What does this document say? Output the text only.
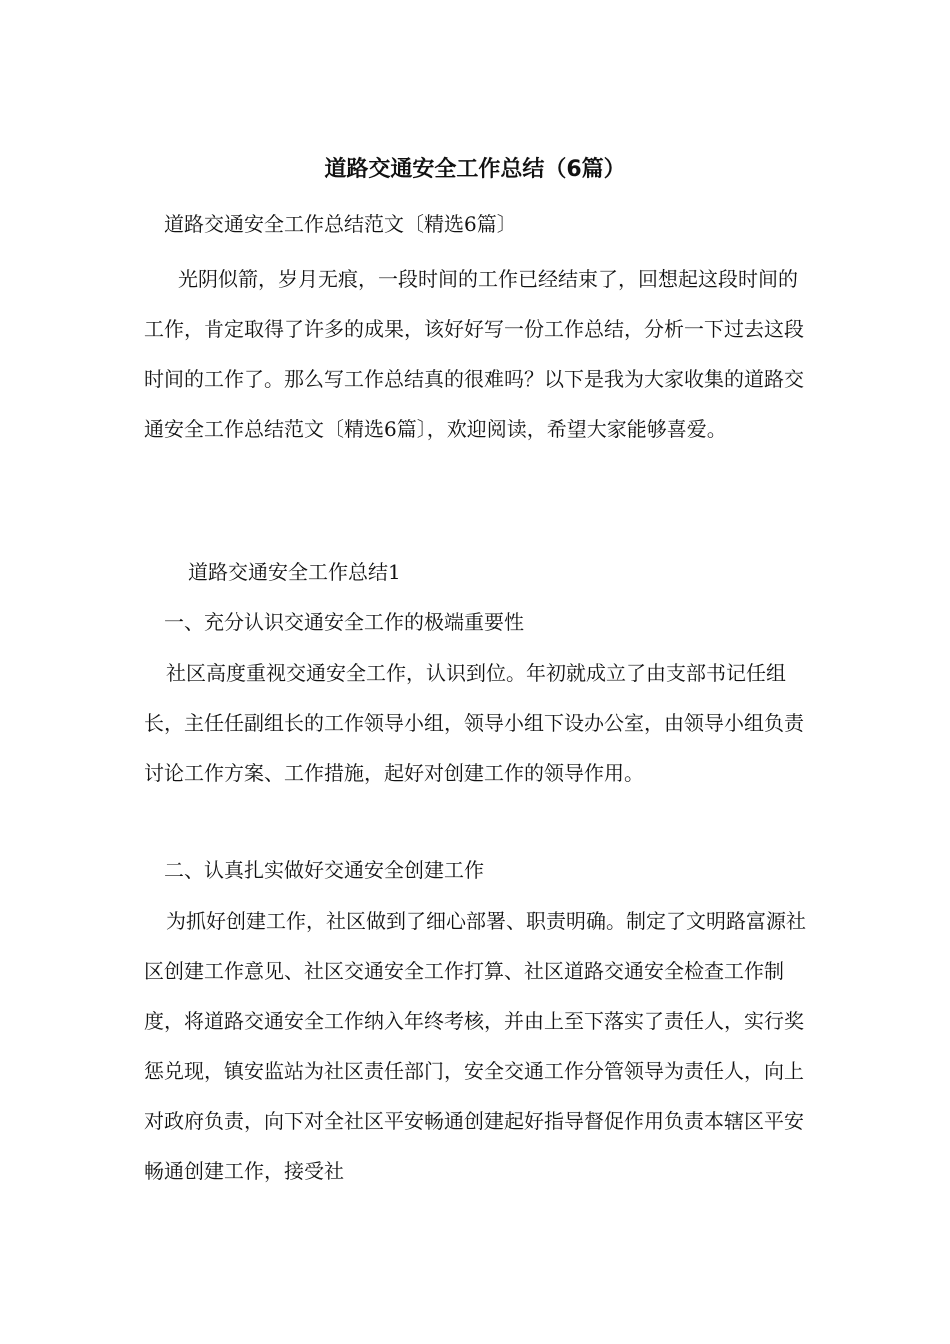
道路交通安全工作总结（6篇）

道路交通安全工作总结范文〔精选6篇〕

光阴似箭，岁月无痕，一段时间的工作已经结束了，回想起这段时间的工作，肯定取得了许多的成果，该好好写一份工作总结，分析一下过去这段时间的工作了。那么写工作总结真的很难吗？以下是我为大家收集的道路交通安全工作总结范文〔精选6篇〕，欢迎阅读，希望大家能够喜爱。

道路交通安全工作总结1

一、充分认识交通安全工作的极端重要性

社区高度重视交通安全工作，认识到位。年初就成立了由支部书记任组长，主任任副组长的工作领导小组，领导小组下设办公室，由领导小组负责讨论工作方案、工作措施，起好对创建工作的领导作用。

二、认真扎实做好交通安全创建工作

为抓好创建工作，社区做到了细心部署、职责明确。制定了文明路富源社区创建工作意见、社区交通安全工作打算、社区道路交通安全检查工作制度，将道路交通安全工作纳入年终考核，并由上至下落实了责任人，实行奖惩兑现，镇安监站为社区责任部门，安全交通工作分管领导为责任人，向上对政府负责，向下对全社区平安畅通创建起好指导督促作用负责本辖区平安畅通创建工作，接受社
